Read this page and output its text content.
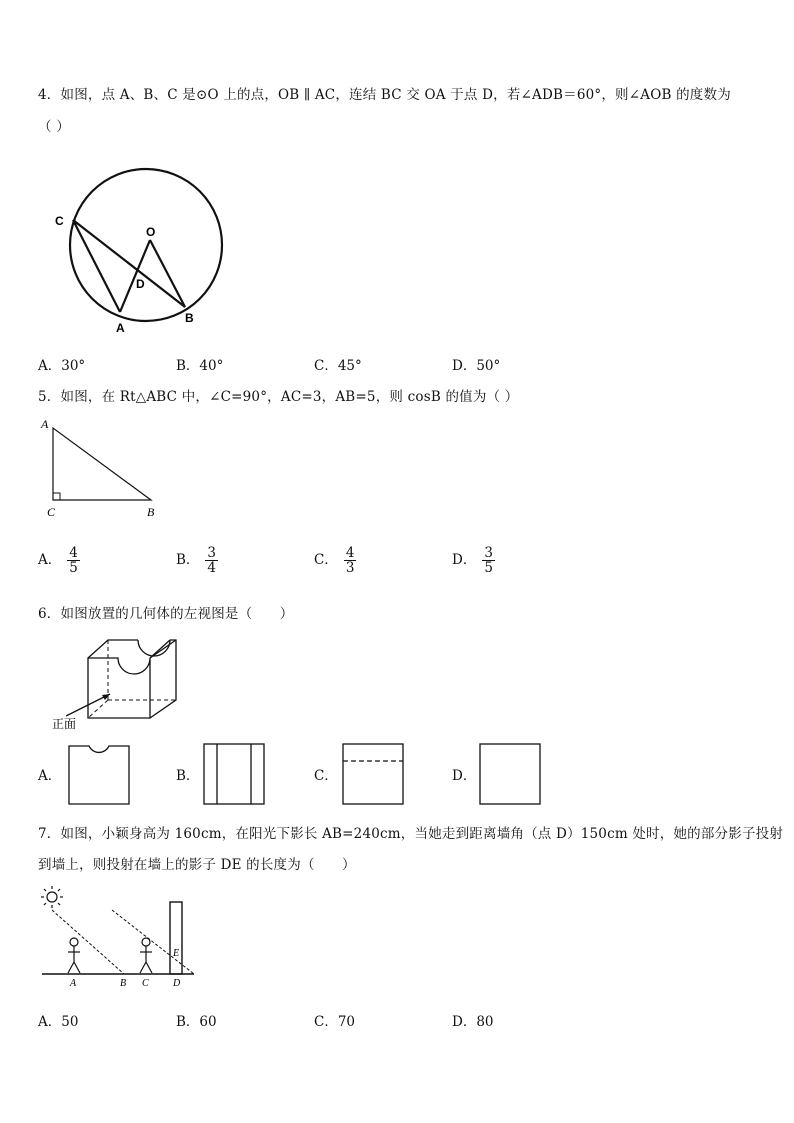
4．如图，点 A、B、C 是⊙O 上的点，OB ∥ AC，连结 BC 交 OA 于点 D，若∠ADB＝60°，则∠AOB 的度数为
（ ）
C
O
D
A
B
A．30°	B．40°	C．45°	D．50°
5．如图，在 Rt△ABC 中，∠C=90°，AC=3，AB=5，则 cosB 的值为（ ）
A
C	B
A． $\frac{4}{5}$	B． $\frac{3}{4}$	C． $\frac{4}{3}$	D． $\frac{3}{5}$
6．如图放置的几何体的左视图是（　　）
正面
A．	B．	C．	D．
7．如图，小颖身高为 160cm，在阳光下影长 AB=240cm，当她走到距离墙角（点 D）150cm 处时，她的部分影子投射
到墙上，则投射在墙上的影子 DE 的长度为（　　）
A	B C D
E
A．50	B．60	C．70	D．80
